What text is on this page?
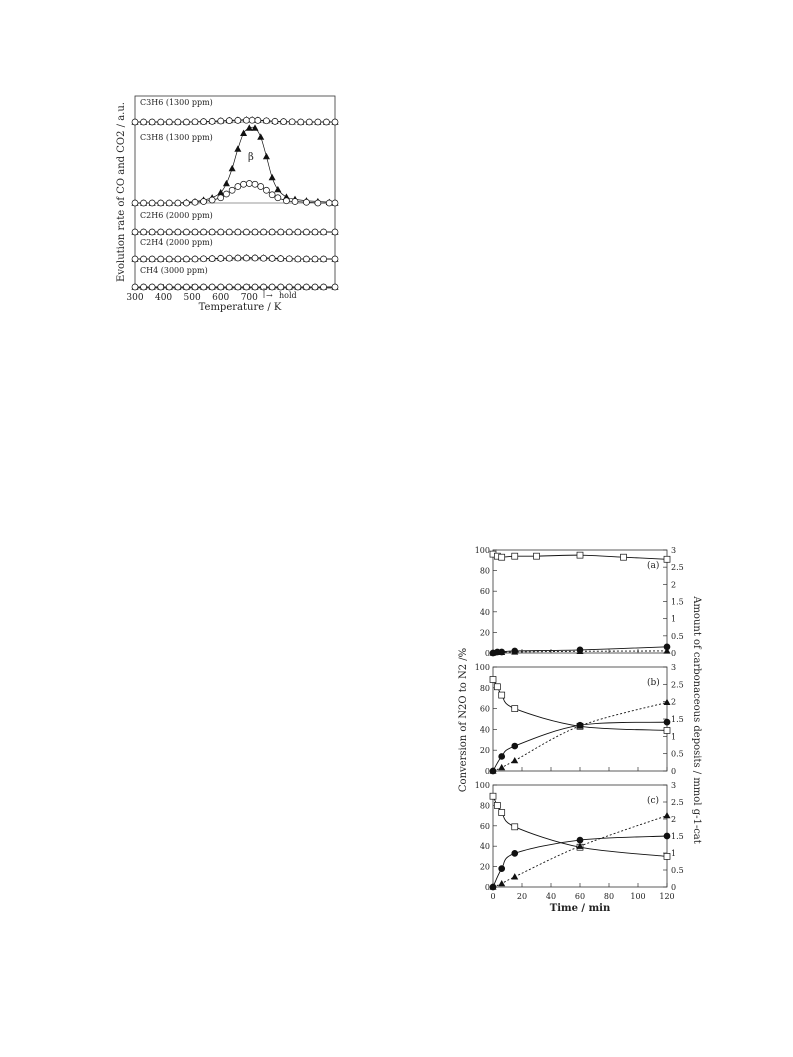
300 400 500 600 700
C3H6 (1300 ppm)
C3H8 (1300 ppm)
β
C2H6 (2000 ppm)
C2H4 (2000 ppm)
CH4 (3000 ppm)
Evolution rate of CO and CO2 / a.u.
Temperature / K
→ hold
0
20
40
60
80
100
0
0.5
1
1.5
2
2.5
3
0
20
40
60
80
100
0
0.5
1
1.5
2
2.5
3
0
20
40
60
80
100
0
0.5
1
1.5
2
2.5
3
0	20 40 60 80 100 120
(a)
(b)
(c)
Conversion of N2O to N2 /%	Amount of carbonaceous deposits / mmol g-1-cat
Time / min
